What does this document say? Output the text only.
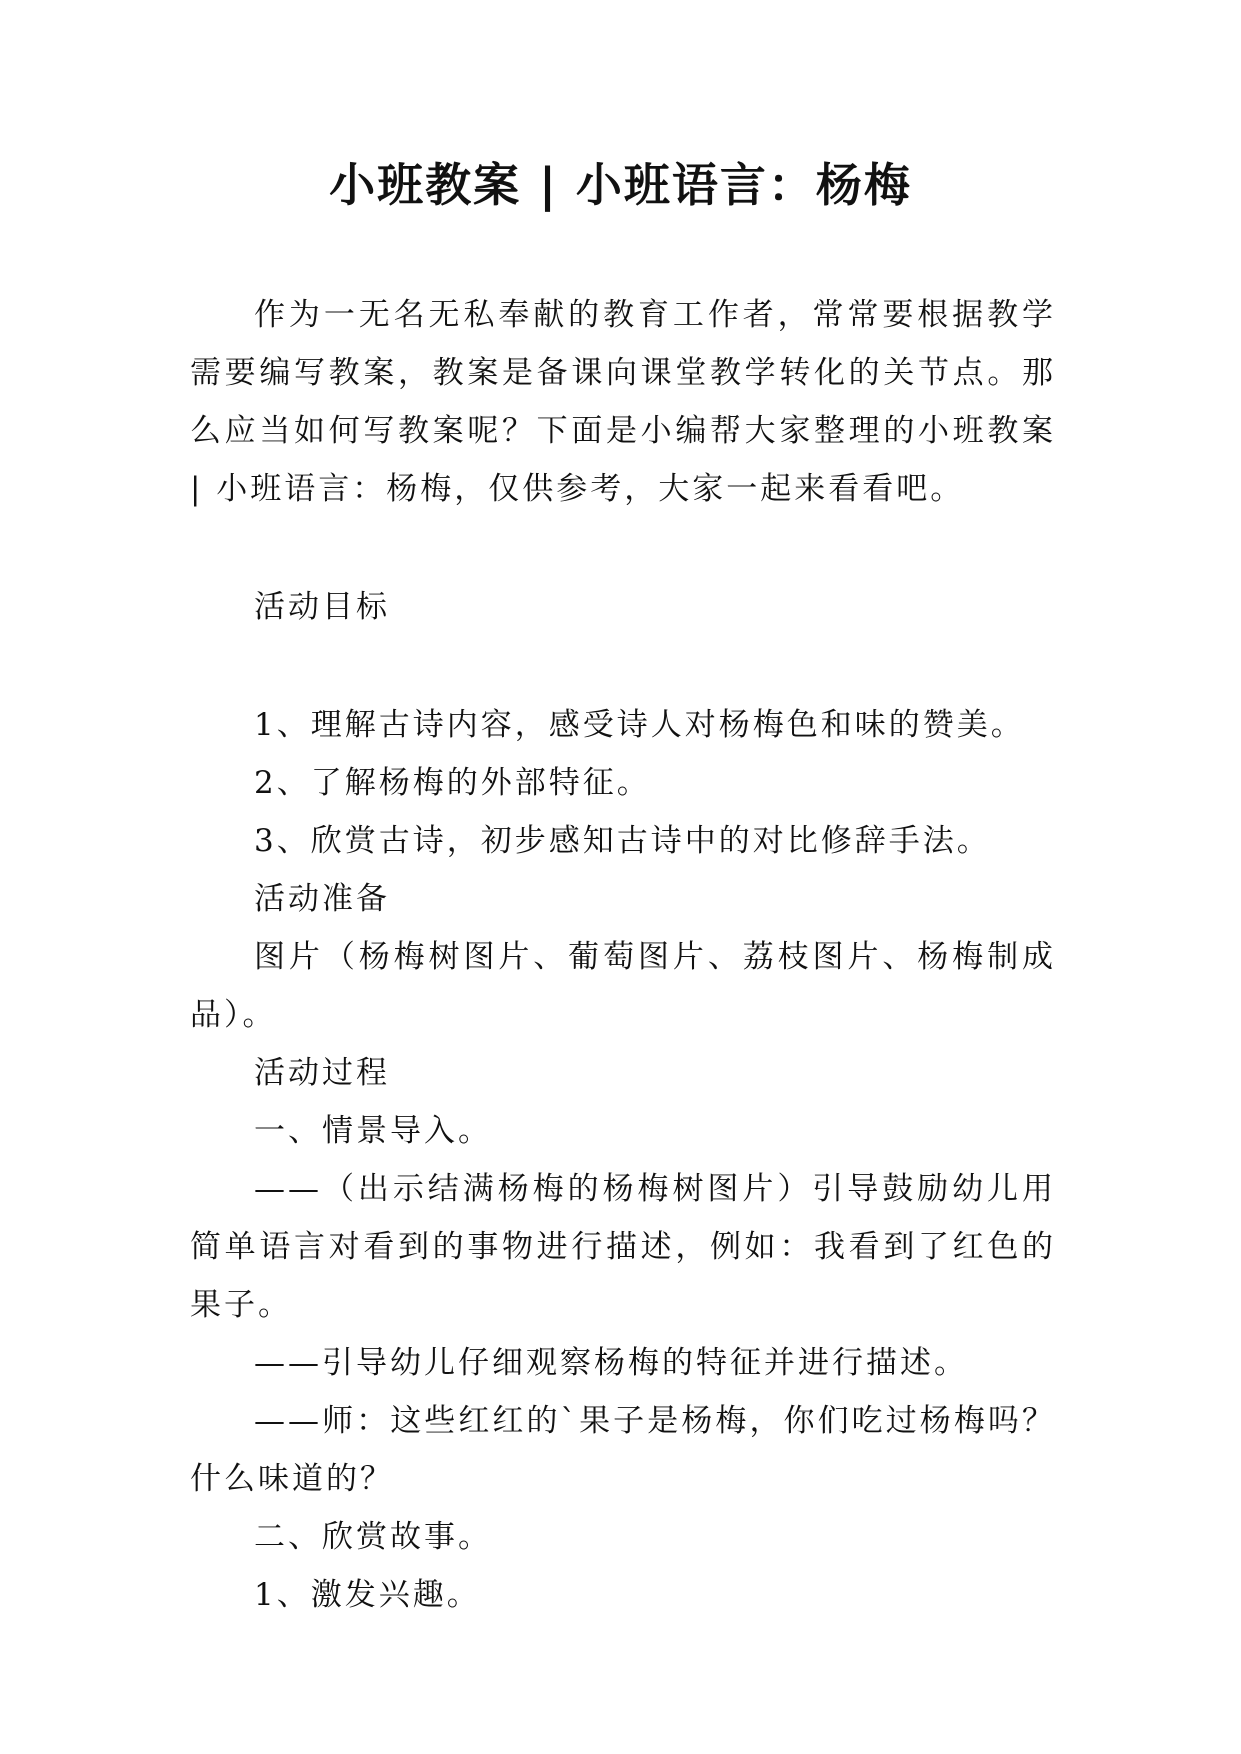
小班教案 | 小班语言：杨梅

作为一无名无私奉献的教育工作者，常常要根据教学需要编写教案，教案是备课向课堂教学转化的关节点。那么应当如何写教案呢？下面是小编帮大家整理的小班教案 | 小班语言：杨梅，仅供参考，大家一起来看看吧。

活动目标

1、理解古诗内容，感受诗人对杨梅色和味的赞美。

2、了解杨梅的外部特征。

3、欣赏古诗，初步感知古诗中的对比修辞手法。

活动准备

图片（杨梅树图片、葡萄图片、荔枝图片、杨梅制成品）。

活动过程

一、情景导入。

——（出示结满杨梅的杨梅树图片）引导鼓励幼儿用简单语言对看到的事物进行描述，例如：我看到了红色的果子。

——引导幼儿仔细观察杨梅的特征并进行描述。

——师：这些红红的`果子是杨梅，你们吃过杨梅吗？什么味道的？

二、欣赏故事。

1、激发兴趣。
